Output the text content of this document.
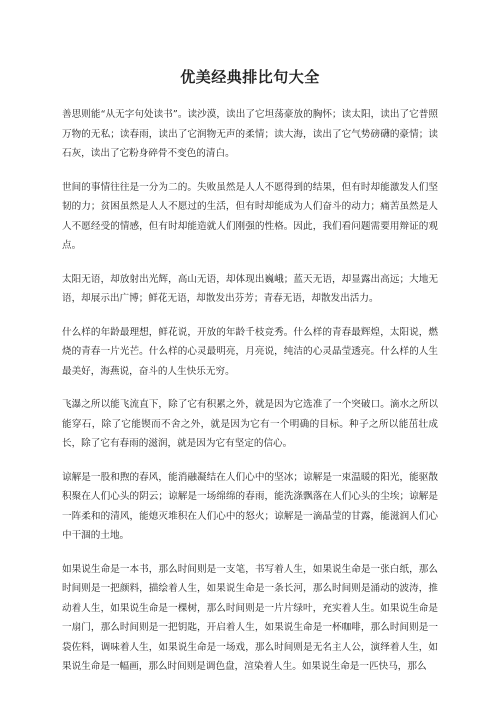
优美经典排比句大全

善思则能“从无字句处读书”。读沙漠，读出了它坦荡豪放的胸怀；读太阳，读出了它普照万物的无私；读春雨，读出了它润物无声的柔情；读大海，读出了它气势磅礴的豪情；读石灰，读出了它粉身碎骨不变色的清白。

世间的事情往往是一分为二的。失败虽然是人人不愿得到的结果，但有时却能激发人们坚韧的力；贫困虽然是人人不愿过的生活，但有时却能成为人们奋斗的动力；痛苦虽然是人人不愿经受的情感，但有时却能造就人们刚强的性格。因此，我们看问题需要用辩证的观点。

太阳无语，却放射出光辉，高山无语，却体现出巍峨；蓝天无语，却显露出高远；大地无语，却展示出广博；鲜花无语，却散发出芬芳；青春无语，却散发出活力。

什么样的年龄最理想，鲜花说，开放的年龄千枝竞秀。什么样的青春最辉煌，太阳说，燃烧的青春一片光芒。什么样的心灵最明亮，月亮说，纯洁的心灵晶莹透亮。什么样的人生最美好，海燕说，奋斗的人生快乐无穷。

飞瀑之所以能飞流直下，除了它有积累之外，就是因为它选准了一个突破口。滴水之所以能穿石，除了它能锲而不舍之外，就是因为它有一个明确的目标。种子之所以能茁壮成长，除了它有春雨的滋润，就是因为它有坚定的信心。

谅解是一股和煦的春风，能消融凝结在人们心中的坚冰；谅解是一束温暖的阳光，能驱散积聚在人们心头的阴云；谅解是一场绵绵的春雨，能洗涤飘落在人们心头的尘埃；谅解是一阵柔和的清风，能熄灭堆积在人们心中的怒火；谅解是一滴晶莹的甘露，能滋润人们心中干涸的土地。

如果说生命是一本书，那么时间则是一支笔，书写着人生，如果说生命是一张白纸，那么时间则是一把颜料，描绘着人生，如果说生命是一条长河，那么时间则是涌动的波涛，推动着人生，如果说生命是一棵树，那么时间则是一片片绿叶，充实着人生。如果说生命是一扇门，那么时间则是一把钥匙，开启着人生，如果说生命是一杯咖啡，那么时间则是一袋佐料，调味着人生，如果说生命是一场戏，那么时间则是无名主人公，演绎着人生，如果说生命是一幅画，那么时间则是调色盘，渲染着人生。如果说生命是一匹快马，那么
